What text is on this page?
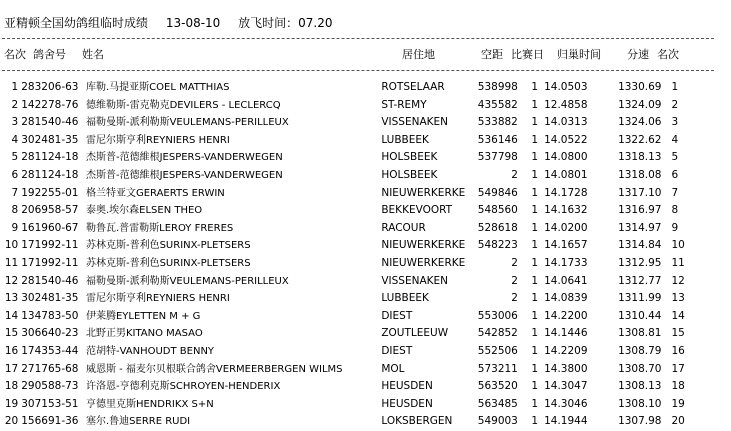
亚精顿全国幼鸽组临时成绩 13-08-10 放飞时间：07.20
名次 鸽舍号 姓名	居住地	空距 比赛日 归巢时间 分速 名次
1	283206-63	库勒.马提亚斯COEL MATTHIAS	ROTSELAAR	538998	1	14.0503	1330.69	1
2	142278-76	德维勒斯-雷克勒克DEVILERS - LECLERCQ	ST-REMY	435582	1	12.4858	1324.09	2
3	281540-46	福勒曼斯-派利勒斯VEULEMANS-PERILLEUX	VISSENAKEN	533882	1	14.0313	1324.06	3
4	302481-35	雷尼尔斯亨利REYNIERS HENRI	LUBBEEK	536146	1	14.0522	1322.62	4
5	281124-18	杰斯普-范德維根JESPERS-VANDERWEGEN	HOLSBEEK	537798	1	14.0800	1318.13	5
6	281124-18	杰斯普-范德維根JESPERS-VANDERWEGEN	HOLSBEEK	2	1	14.0801	1318.08	6
7	192255-01	格兰特亚文GERAERTS ERWIN	NIEUWERKERKE	549846	1	14.1728	1317.10	7
8	206958-57	泰奥.埃尔森ELSEN THEO	BEKKEVOORT	548560	1	14.1632	1316.97	8
9	161960-67	勒鲁瓦.普雷勒斯LEROY FRERES	RACOUR	528618	1	14.0200	1314.97	9
10	171992-11	苏林克斯-普利色SURINX-PLETSERS	NIEUWERKERKE	548223	1	14.1657	1314.84	10
11	171992-11	苏林克斯-普利色SURINX-PLETSERS	NIEUWERKERKE	2	1	14.1733	1312.95	11
12	281540-46	福勒曼斯-派利勒斯VEULEMANS-PERILLEUX	VISSENAKEN	2	1	14.0641	1312.77	12
13	302481-35	雷尼尔斯亨利REYNIERS HENRI	LUBBEEK	2	1	14.0839	1311.99	13
14	134783-50	伊莱腾EYLETTEN M + G	DIEST	553006	1	14.2200	1310.44	14
15	306640-23	北野正男KITANO MASAO	ZOUTLEEUW	542852	1	14.1446	1308.81	15
16	174353-44	范胡特-VANHOUDT BENNY	DIEST	552506	1	14.2209	1308.79	16
17	271765-68	威恩斯 - 福麦尔贝根联合鸽舍VERMEERBERGEN WILMS	MOL	573211	1	14.3800	1308.70	17
18	290588-73	许洛恩-亨德利克斯SCHROYEN-HENDERIX	HEUSDEN	563520	1	14.3047	1308.13	18
19	307153-51	亨德里克斯HENDRIKX S+N	HEUSDEN	563485	1	14.3046	1308.10	19
20	156691-36	塞尔.鲁迪SERRE RUDI	LOKSBERGEN	549003	1	14.1944	1307.98	20
